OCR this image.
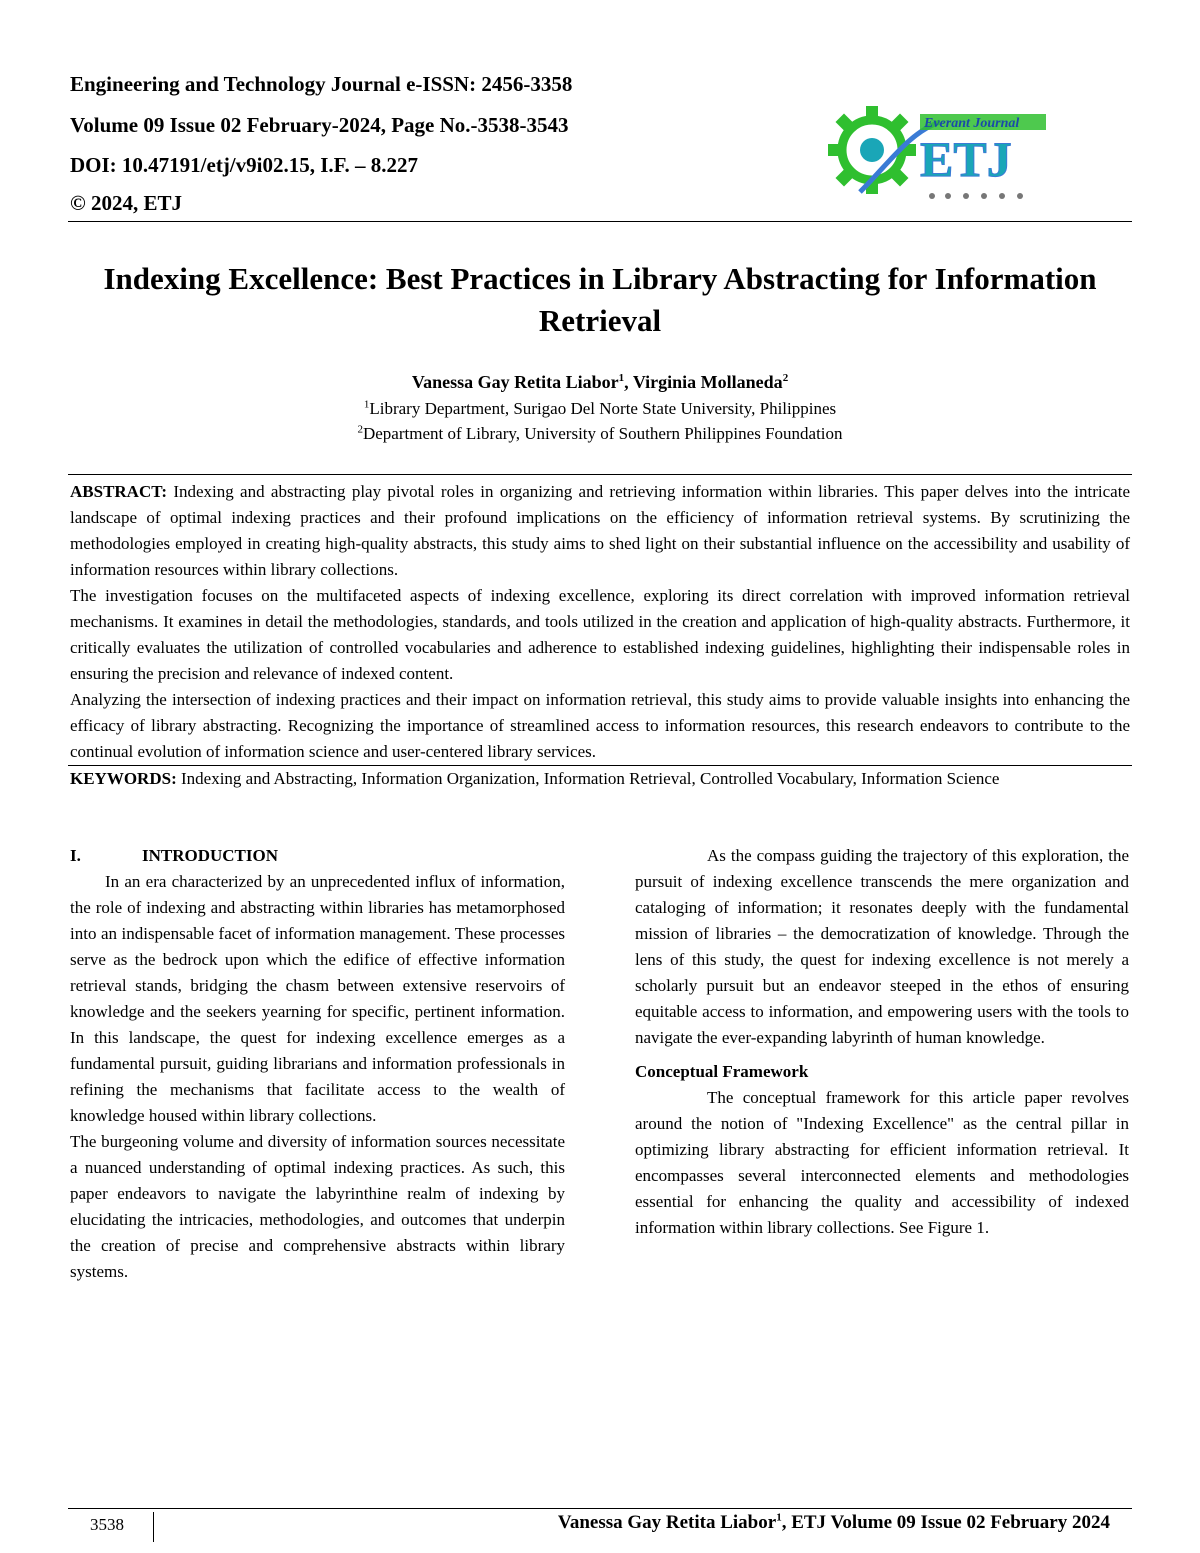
Engineering and Technology Journal e-ISSN: 2456-3358
Volume 09 Issue 02 February-2024, Page No.-3538-3543
DOI: 10.47191/etj/v9i02.15, I.F. – 8.227
© 2024, ETJ
Everant Journal
ETJ
Indexing Excellence: Best Practices in Library Abstracting for Information Retrieval
Vanessa Gay Retita Liabor$^1$, Virginia Mollaneda$^2$
$^1$Library Department, Surigao Del Norte State University, Philippines
$^2$Department of Library, University of Southern Philippines Foundation

ABSTRACT: Indexing and abstracting play pivotal roles in organizing and retrieving information within libraries. This paper delves into the intricate landscape of optimal indexing practices and their profound implications on the efficiency of information retrieval systems. By scrutinizing the methodologies employed in creating high-quality abstracts, this study aims to shed light on their substantial influence on the accessibility and usability of information resources within library collections.

The investigation focuses on the multifaceted aspects of indexing excellence, exploring its direct correlation with improved information retrieval mechanisms. It examines in detail the methodologies, standards, and tools utilized in the creation and application of high-quality abstracts. Furthermore, it critically evaluates the utilization of controlled vocabularies and adherence to established indexing guidelines, highlighting their indispensable roles in ensuring the precision and relevance of indexed content.

Analyzing the intersection of indexing practices and their impact on information retrieval, this study aims to provide valuable insights into enhancing the efficacy of library abstracting. Recognizing the importance of streamlined access to information resources, this research endeavors to contribute to the continual evolution of information science and user-centered library services.

KEYWORDS: Indexing and Abstracting, Information Organization, Information Retrieval, Controlled Vocabulary, Information Science

I.	INTRODUCTION

In an era characterized by an unprecedented influx of information, the role of indexing and abstracting within libraries has metamorphosed into an indispensable facet of information management. These processes serve as the bedrock upon which the edifice of effective information retrieval stands, bridging the chasm between extensive reservoirs of knowledge and the seekers yearning for specific, pertinent information. In this landscape, the quest for indexing excellence emerges as a fundamental pursuit, guiding librarians and information professionals in refining the mechanisms that facilitate access to the wealth of knowledge housed within library collections.

The burgeoning volume and diversity of information sources necessitate a nuanced understanding of optimal indexing practices. As such, this paper endeavors to navigate the labyrinthine realm of indexing by elucidating the intricacies, methodologies, and outcomes that underpin the creation of precise and comprehensive abstracts within library systems.

As the compass guiding the trajectory of this exploration, the pursuit of indexing excellence transcends the mere organization and cataloging of information; it resonates deeply with the fundamental mission of libraries – the democratization of knowledge. Through the lens of this study, the quest for indexing excellence is not merely a scholarly pursuit but an endeavor steeped in the ethos of ensuring equitable access to information, and empowering users with the tools to navigate the ever-expanding labyrinth of human knowledge.

Conceptual Framework

The conceptual framework for this article paper revolves around the notion of "Indexing Excellence" as the central pillar in optimizing library abstracting for efficient information retrieval. It encompasses several interconnected elements and methodologies essential for enhancing the quality and accessibility of indexed information within library collections. See Figure 1.

3538	Vanessa Gay Retita Liabor$^1$, ETJ Volume 09 Issue 02 February 2024
